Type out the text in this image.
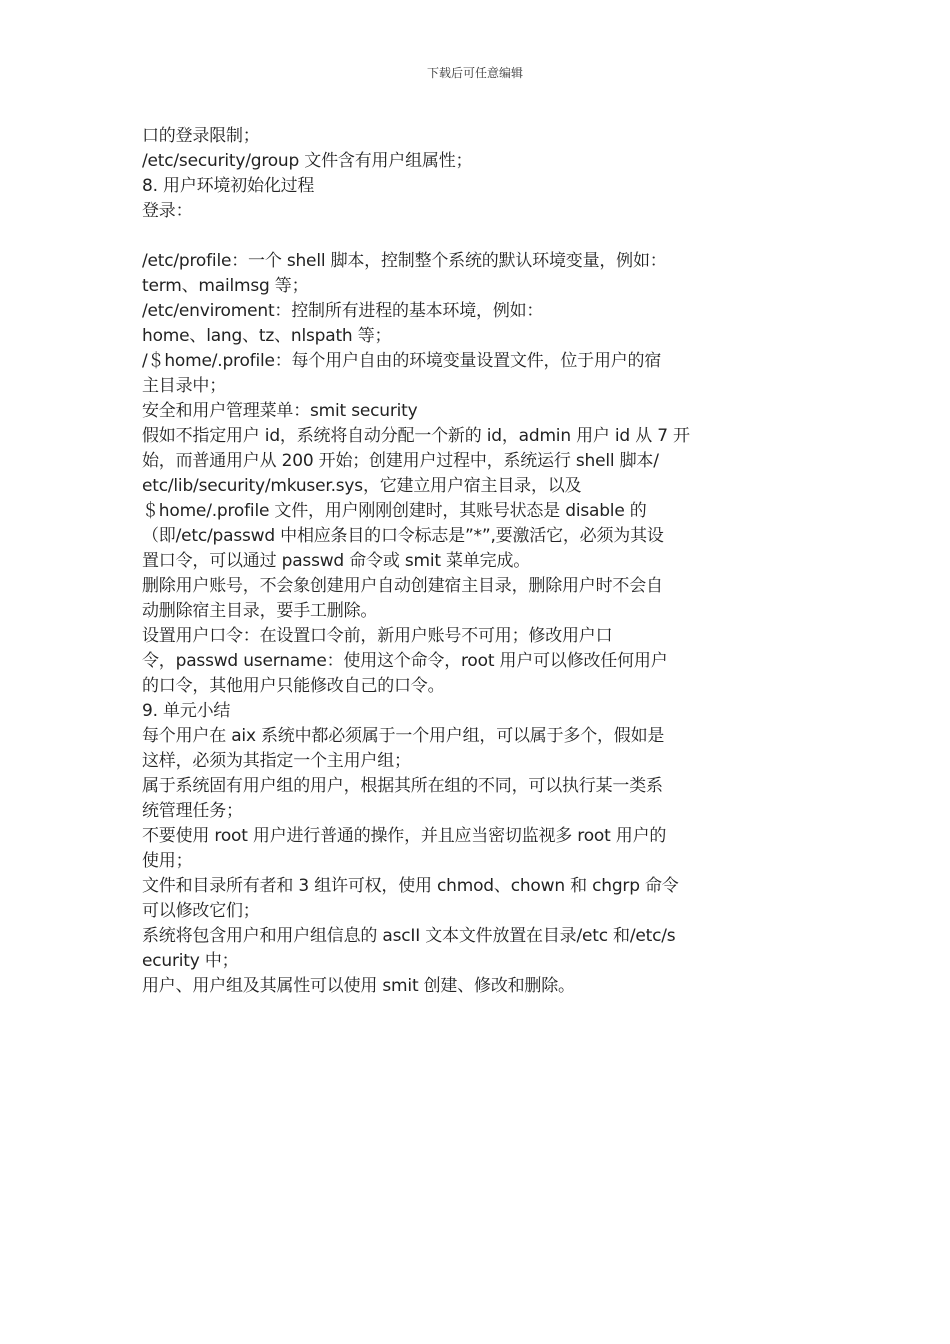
下载后可任意编辑
口的登录限制；
/etc/security/group 文件含有用户组属性；
8. 用户环境初始化过程
登录：
/etc/profile：一个 shell 脚本，控制整个系统的默认环境变量，例如：
term、mailmsg 等；
/etc/enviroment：控制所有进程的基本环境，例如：
home、lang、tz、nlspath 等；
/＄home/.profile：每个用户自由的环境变量设置文件，位于用户的宿
主目录中；
安全和用户管理菜单：smit security
假如不指定用户 id，系统将自动分配一个新的 id，admin 用户 id 从 7 开
始，而普通用户从 200 开始；创建用户过程中，系统运行 shell 脚本/
etc/lib/security/mkuser.sys，它建立用户宿主目录，以及
＄home/.profile 文件，用户刚刚创建时，其账号状态是 disable 的
（即/etc/passwd 中相应条目的口令标志是”*”,要激活它，必须为其设
置口令，可以通过 passwd 命令或 smit 菜单完成。
删除用户账号，不会象创建用户自动创建宿主目录，删除用户时不会自
动删除宿主目录，要手工删除。
设置用户口令：在设置口令前，新用户账号不可用；修改用户口
令，passwd username：使用这个命令，root 用户可以修改任何用户
的口令，其他用户只能修改自己的口令。
9. 单元小结
每个用户在 aix 系统中都必须属于一个用户组，可以属于多个，假如是
这样，必须为其指定一个主用户组；
属于系统固有用户组的用户，根据其所在组的不同，可以执行某一类系
统管理任务；
不要使用 root 用户进行普通的操作，并且应当密切监视多 root 用户的
使用；
文件和目录所有者和 3 组许可权，使用 chmod、chown 和 chgrp 命令
可以修改它们；
系统将包含用户和用户组信息的 ascII 文本文件放置在目录/etc 和/etc/s
ecurity 中；
用户、用户组及其属性可以使用 smit 创建、修改和删除。
